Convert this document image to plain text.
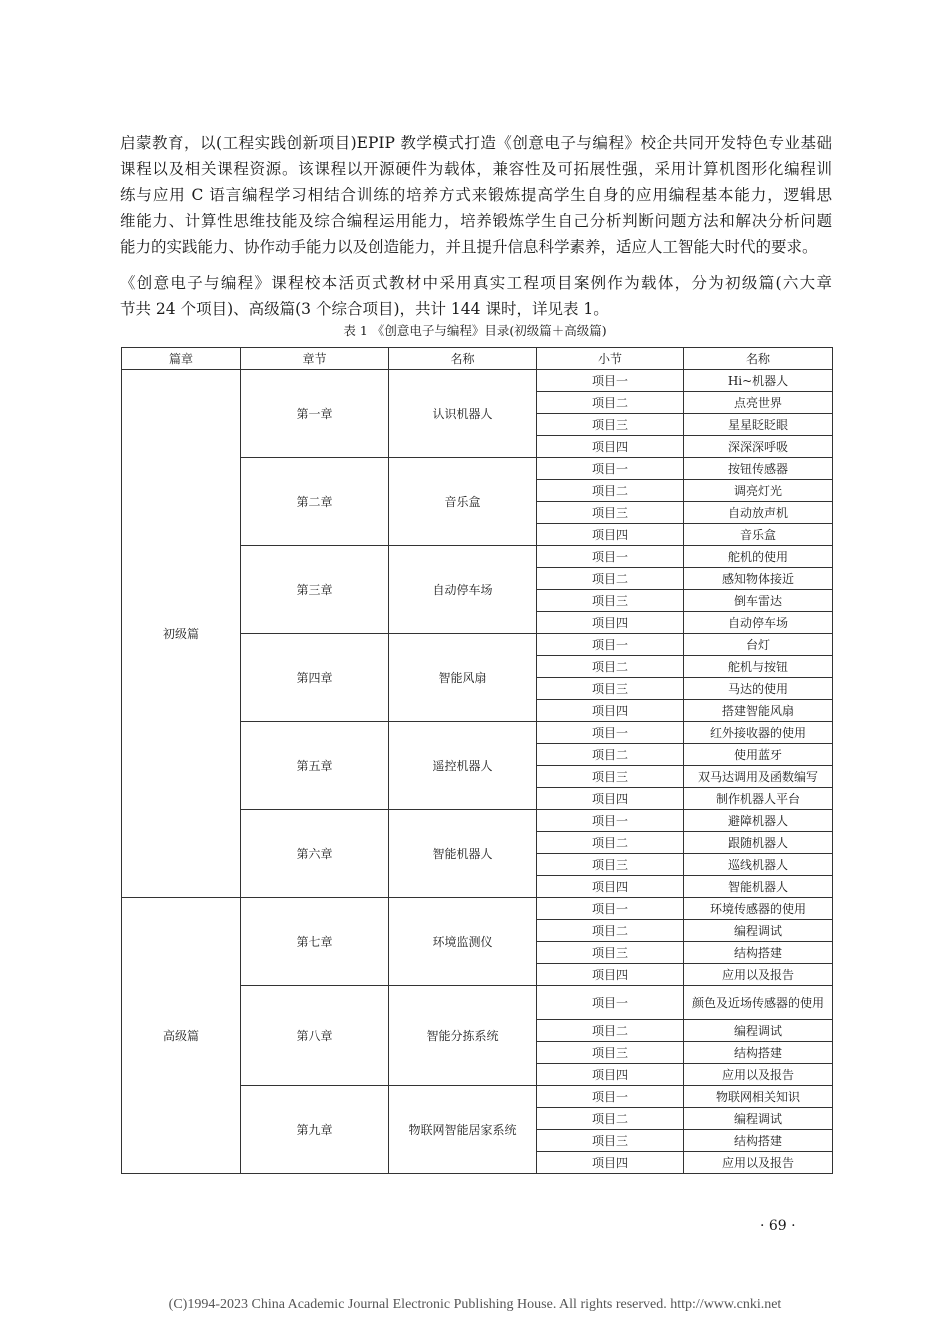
启蒙教育，以(工程实践创新项目)EPIP 教学模式打造《创意电子与编程》校企共同开发特色专业基础
课程以及相关课程资源。该课程以开源硬件为载体，兼容性及可拓展性强，采用计算机图形化编程训
练与应用 C 语言编程学习相结合训练的培养方式来锻炼提高学生自身的应用编程基本能力，逻辑思
维能力、计算性思维技能及综合编程运用能力，培养锻炼学生自己分析判断问题方法和解决分析问题
能力的实践能力、协作动手能力以及创造能力，并且提升信息科学素养，适应人工智能大时代的要求。
《创意电子与编程》课程校本活页式教材中采用真实工程项目案例作为载体，分为初级篇(六大章
节共 24 个项目)、高级篇(3 个综合项目)，共计 144 课时，详见表 1。
表 1 《创意电子与编程》目录(初级篇＋高级篇)
篇章	章节	名称	小节	名称
初级篇	第一章	认识机器人	项目一	Hi~机器人
			项目二	点亮世界
			项目三	星星眨眨眼
			项目四	深深深呼吸
	第二章	音乐盒	项目一	按钮传感器
			项目二	调亮灯光
			项目三	自动放声机
			项目四	音乐盒
	第三章	自动停车场	项目一	舵机的使用
			项目二	感知物体接近
			项目三	倒车雷达
			项目四	自动停车场
	第四章	智能风扇	项目一	台灯
			项目二	舵机与按钮
			项目三	马达的使用
			项目四	搭建智能风扇
	第五章	遥控机器人	项目一	红外接收器的使用
			项目二	使用蓝牙
			项目三	双马达调用及函数编写
			项目四	制作机器人平台
	第六章	智能机器人	项目一	避障机器人
			项目二	跟随机器人
			项目三	巡线机器人
			项目四	智能机器人
高级篇	第七章	环境监测仪	项目一	环境传感器的使用
			项目二	编程调试
			项目三	结构搭建
			项目四	应用以及报告
	第八章	智能分拣系统	项目一	颜色及近场传感器的使用
			项目二	编程调试
			项目三	结构搭建
			项目四	应用以及报告
	第九章	物联网智能居家系统	项目一	物联网相关知识
			项目二	编程调试
			项目三	结构搭建
			项目四	应用以及报告
· 69 ·
(C)1994-2023 China Academic Journal Electronic Publishing House. All rights reserved. http://www.cnki.net
